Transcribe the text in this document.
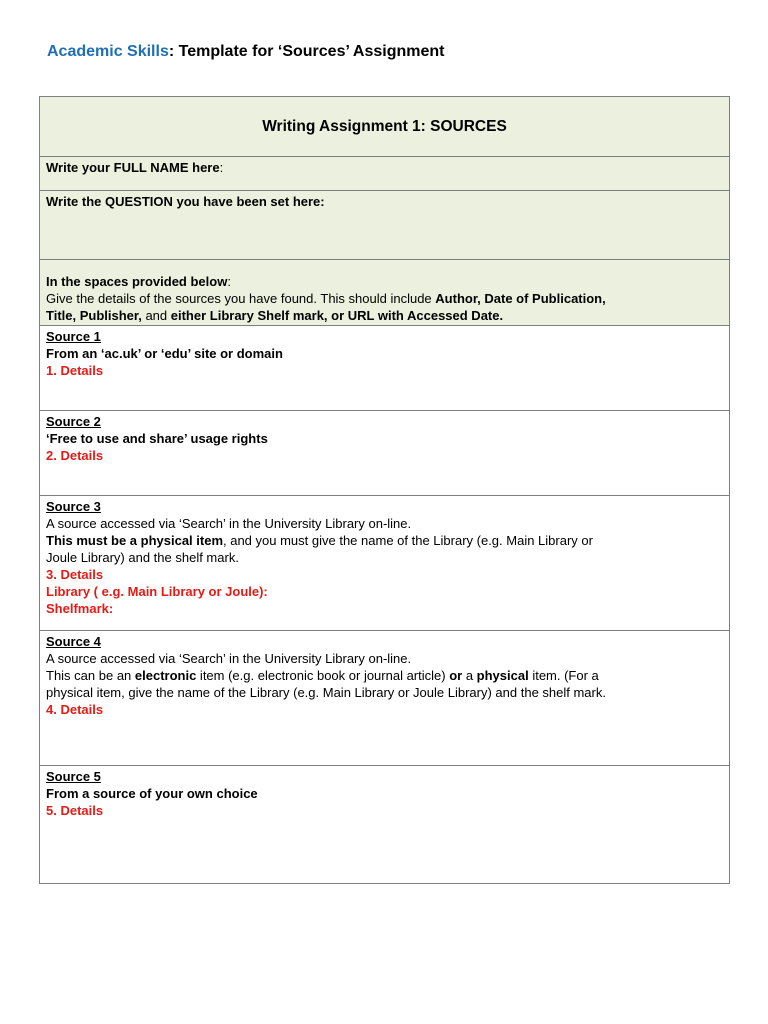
Academic Skills: Template for ‘Sources’ Assignment
Writing Assignment 1: SOURCES
Write your FULL NAME here:
Write the QUESTION you have been set here:
In the spaces provided below:
Give the details of the sources you have found. This should include Author, Date of Publication,
Title, Publisher, and either Library Shelf mark, or URL with Accessed Date.
Source 1
From an ‘ac.uk’ or ‘edu’ site or domain
1. Details
Source 2
‘Free to use and share’ usage rights
2. Details
Source 3
A source accessed via ‘Search’ in the University Library on-line.
This must be a physical item, and you must give the name of the Library (e.g. Main Library or
Joule Library) and the shelf mark.
3. Details
Library ( e.g. Main Library or Joule):
Shelfmark:
Source 4
A source accessed via ‘Search’ in the University Library on-line.
This can be an electronic item (e.g. electronic book or journal article) or a physical item. (For a
physical item, give the name of the Library (e.g. Main Library or Joule Library) and the shelf mark.
4. Details
Source 5
From a source of your own choice
5. Details
